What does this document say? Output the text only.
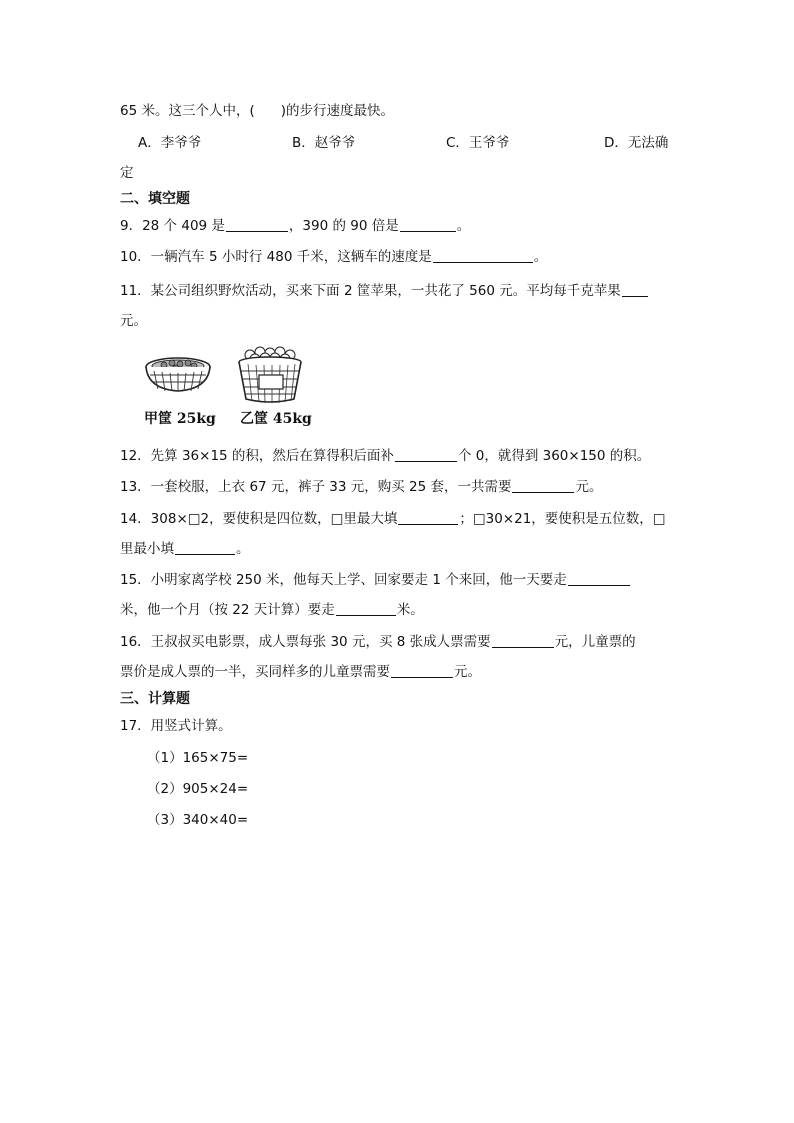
65 米。这三个人中，( )的步行速度最快。
A．李爷爷	B．赵爷爷	C．王爷爷	D．无法确
定
二、填空题
9．28 个 409 是	，390 的 90 倍是	。
10．一辆汽车 5 小时行 480 千米，这辆车的速度是	。
11．某公司组织野炊活动，买来下面 2 筐苹果，一共花了 560 元。平均每千克苹果
元。
甲筐 25kg 乙筐 45kg
12．先算 36×15 的积，然后在算得积后面补	个 0，就得到 360×150 的积。
13．一套校服，上衣 67 元，裤子 33 元，购买 25 套，一共需要	元。
14．308×□2，要使积是四位数，□里最大填	；□30×21，要使积是五位数，□
里最小填	。
15．小明家离学校 250 米，他每天上学、回家要走 1 个来回，他一天要走
米，他一个月（按 22 天计算）要走	米。
16．王叔叔买电影票，成人票每张 30 元，买 8 张成人票需要	元，儿童票的
票价是成人票的一半，买同样多的儿童票需要	元。
三、计算题
17．用竖式计算。
（1）165×75=
（2）905×24=
（3）340×40=
